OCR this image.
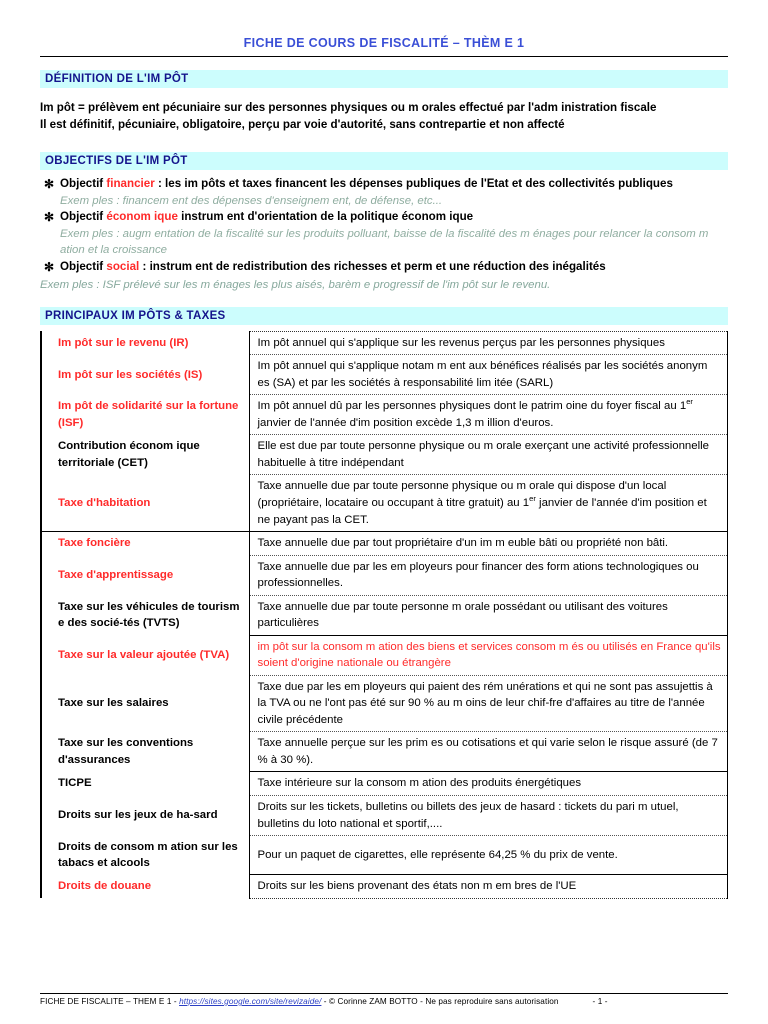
FICHE DE COURS DE FISCALITÉ – THÈM E 1
DÉFINITION DE L'IM PÔT

Im pôt = prélèvem ent pécuniaire sur des personnes physiques ou m orales effectué par l'adm inistration fiscale

Il est définitif, pécuniaire, obligatoire, perçu par voie d'autorité, sans contrepartie et non affecté

OBJECTIFS DE L'IM PÔT
✻ Objectif financier : les im pôts et taxes financent les dépenses publiques de l'Etat et des collectivités publiques
Exem ples : financem ent des dépenses d'enseignem ent, de défense, etc...
✻ Objectif économ ique instrum ent d'orientation de la politique économ ique
Exem ples : augm entation de la fiscalité sur les produits polluant, baisse de la fiscalité des m énages pour relancer la consom m ation et la croissance
✻ Objectif social : instrum ent de redistribution des richesses et perm et une réduction des inégalités
Exem ples : ISF prélevé sur les m énages les plus aisés, barèm e progressif de l'im pôt sur le revenu.
PRINCIPAUX IM PÔTS & TAXES
Im pôt sur le revenu (IR)	Im pôt annuel qui s'applique sur les revenus perçus par les personnes physiques
Im pôt sur les sociétés (IS)	Im pôt annuel qui s'applique notam m ent aux bénéfices réalisés par les sociétés anonym es (SA) et par les sociétés à responsabilité lim itée (SARL)
Im pôt de solidarité sur la fortune (ISF)	Im pôt annuel dû par les personnes physiques dont le patrim oine du foyer fiscal au 1er janvier de l'année d'im position excède 1,3 m illion d'euros.
Contribution économ ique territoriale (CET)	Elle est due par toute personne physique ou m orale exerçant une activité professionnelle habituelle à titre indépendant
Taxe d'habitation	Taxe annuelle due par toute personne physique ou m orale qui dispose d'un local (propriétaire, locataire ou occupant à titre gratuit) au 1er janvier de l'année d'im position et ne payant pas la CET.
Taxe foncière	Taxe annuelle due par tout propriétaire d'un im m euble bâti ou propriété non bâti.
Taxe d'apprentissage	Taxe annuelle due par les em ployeurs pour financer des form ations technologiques ou professionnelles.
Taxe sur les véhicules de tourism e des socié-tés (TVTS)	Taxe annuelle due par toute personne m orale possédant ou utilisant des voitures particulières
Taxe sur la valeur ajoutée (TVA)	im pôt sur la consom m ation des biens et services consom m és ou utilisés en France qu'ils soient d'origine nationale ou étrangère
Taxe sur les salaires	Taxe due par les em ployeurs qui paient des rém unérations et qui ne sont pas assujettis à la TVA ou ne l'ont pas été sur 90 % au m oins de leur chif-fre d'affaires au titre de l'année civile précédente
Taxe sur les conventions d'assurances	Taxe annuelle perçue sur les prim es ou cotisations et qui varie selon le risque assuré (de 7 % à 30 %).
TICPE	Taxe intérieure sur la consom m ation des produits énergétiques
Droits sur les jeux de ha-sard	Droits sur les tickets, bulletins ou billets des jeux de hasard : tickets du pari m utuel, bulletins du loto national et sportif,....
Droits de consom m ation sur les tabacs et alcools	Pour un paquet de cigarettes, elle représente 64,25 % du prix de vente.
Droits de douane	Droits sur les biens provenant des états non m em bres de l'UE
FICHE DE FISCALITE – THEM E 1 - https://sites.google.com/site/revizaide/ - © Corinne ZAM BOTTO - Ne pas reproduire sans autorisation	- 1 -
